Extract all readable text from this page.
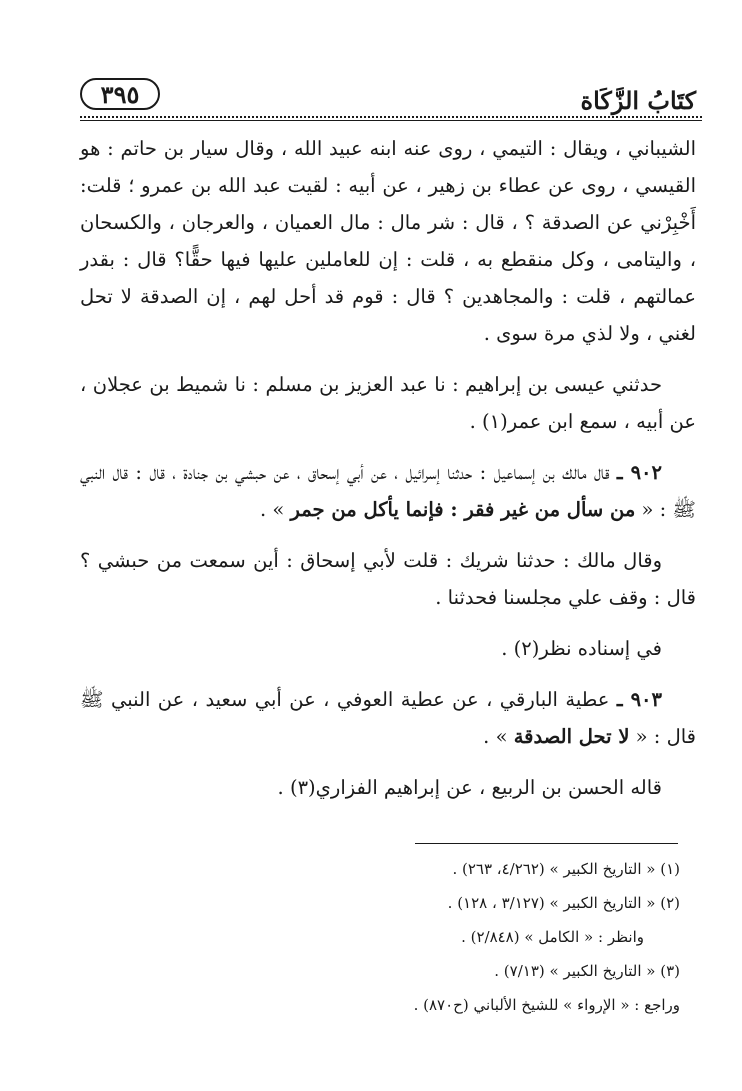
كتَابُ الزَّكَاة
٣٩٥

الشيباني ، ويقال : التيمي ، روى عنه ابنه عبيد الله ، وقال سيار بن حاتم : هو القيسي ، روى عن عطاء بن زهير ، عن أبيه : لقيت عبد الله بن عمرو ؛ قلت: أَخْبِرْني عن الصدقة ؟ ، قال : شر مال : مال العميان ، والعرجان ، والكسحان ، واليتامى ، وكل منقطع به ، قلت : إن للعاملين عليها فيها حقًّا؟ قال : بقدر عمالتهم ، قلت : والمجاهدين ؟ قال : قوم قد أحل لهم ، إن الصدقة لا تحل لغني ، ولا لذي مرة سوى .

حدثني عيسى بن إبراهيم : نا عبد العزيز بن مسلم : نا شميط بن عجلان ، عن أبيه ، سمع ابن عمر(١) .

٩٠٢ ـ قال مالك بن إسماعيل : حدثنا إسرائيل ، عن أبي إسحاق ، عن حبشي بن جنادة ، قال : قال النبي ﷺ : « من سأل من غير فقر : فإنما يأكل من جمر » .

وقال مالك : حدثنا شريك : قلت لأبي إسحاق : أين سمعت من حبشي ؟ قال : وقف علي مجلسنا فحدثنا .

في إسناده نظر(٢) .

٩٠٣ ـ عطية البارقي ، عن عطية العوفي ، عن أبي سعيد ، عن النبي ﷺ قال : « لا تحل الصدقة » .

قاله الحسن بن الربيع ، عن إبراهيم الفزاري(٣) .

(١) « التاريخ الكبير » (٤/٢٦٢، ٢٦٣) .

(٢) « التاريخ الكبير » (٣/١٢٧ ، ١٢٨) .

وانظر : « الكامل » (٢/٨٤٨) .

(٣) « التاريخ الكبير » (٧/١٣) .

وراجع : « الإرواء » للشيخ الألباني (ح٨٧٠) .
